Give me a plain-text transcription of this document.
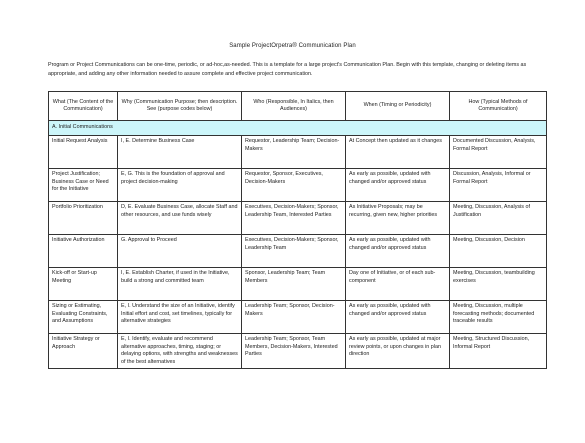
Sample ProjectOrpetra® Communication Plan
Program or Project Communications can be one-time, periodic, or ad-hoc,as-needed. This is a template for a large project's Communication Plan. Begin with this template, changing or deleting items as appropriate, and adding any other information needed to assure complete and effective project communication.
What (The Content of the Communication)	Why (Communication Purpose; then description. See (purpose codes below)	Who (Responsible, In Italics, then Audiences)	When (Timing or Periodicity)	How (Typical Methods of Communication)
A. Initial Communications				
Initial Request Analysis	I, E. Determine Business Case	Requestor, Leadership Team; Decision-Makers	At Concept then updated as it changes	Documented Discussion, Analysis, Formal Report
Project Justification; Business Case or Need for the Initiative	E, G. This is the foundation of approval and project decision-making	Requestor, Sponsor, Executives, Decision-Makers	As early as possible, updated with changed and/or approved status	Discussion, Analysis, Informal or Formal Report
Portfolio Prioritization	D, E. Evaluate Business Case, allocate Staff and other resources, and use funds wisely	Executives, Decision-Makers; Sponsor, Leadership Team, Interested Parties	As Initiative Proposals; may be recurring, given new, higher priorities	Meeting, Discussion, Analysis of Justification
Initiative Authorization	G. Approval to Proceed	Executives, Decision-Makers; Sponsor, Leadership Team	As early as possible, updated with changed and/or approved status	Meeting, Discussion, Decision
Kick-off or Start-up Meeting	I, E. Establish Charter, if used in the Initiative, build a strong and committed team	Sponsor, Leadership Team; Team Members	Day one of Initiative, or of each sub-component	Meeting, Discussion, teambuilding exercises
Sizing or Estimating, Evaluating Constraints, and Assumptions	E, I. Understand the size of an Initiative, identify Initial effort and cost, set timelines, typically for alternative strategies	Leadership Team; Sponsor, Decision-Makers	As early as possible, updated with changed and/or approved status	Meeting, Discussion, multiple forecasting methods; documented traceable results
Initiative Strategy or Approach	E, I. Identify, evaluate and recommend alternative approaches, timing, staging; or delaying options, with strengths and weaknesses of the best alternatives	Leadership Team; Sponsor, Team Members, Decision-Makers, Interested Parties	As early as possible, updated at major review points, or upon changes in plan direction	Meeting, Structured Discussion, Informal Report
